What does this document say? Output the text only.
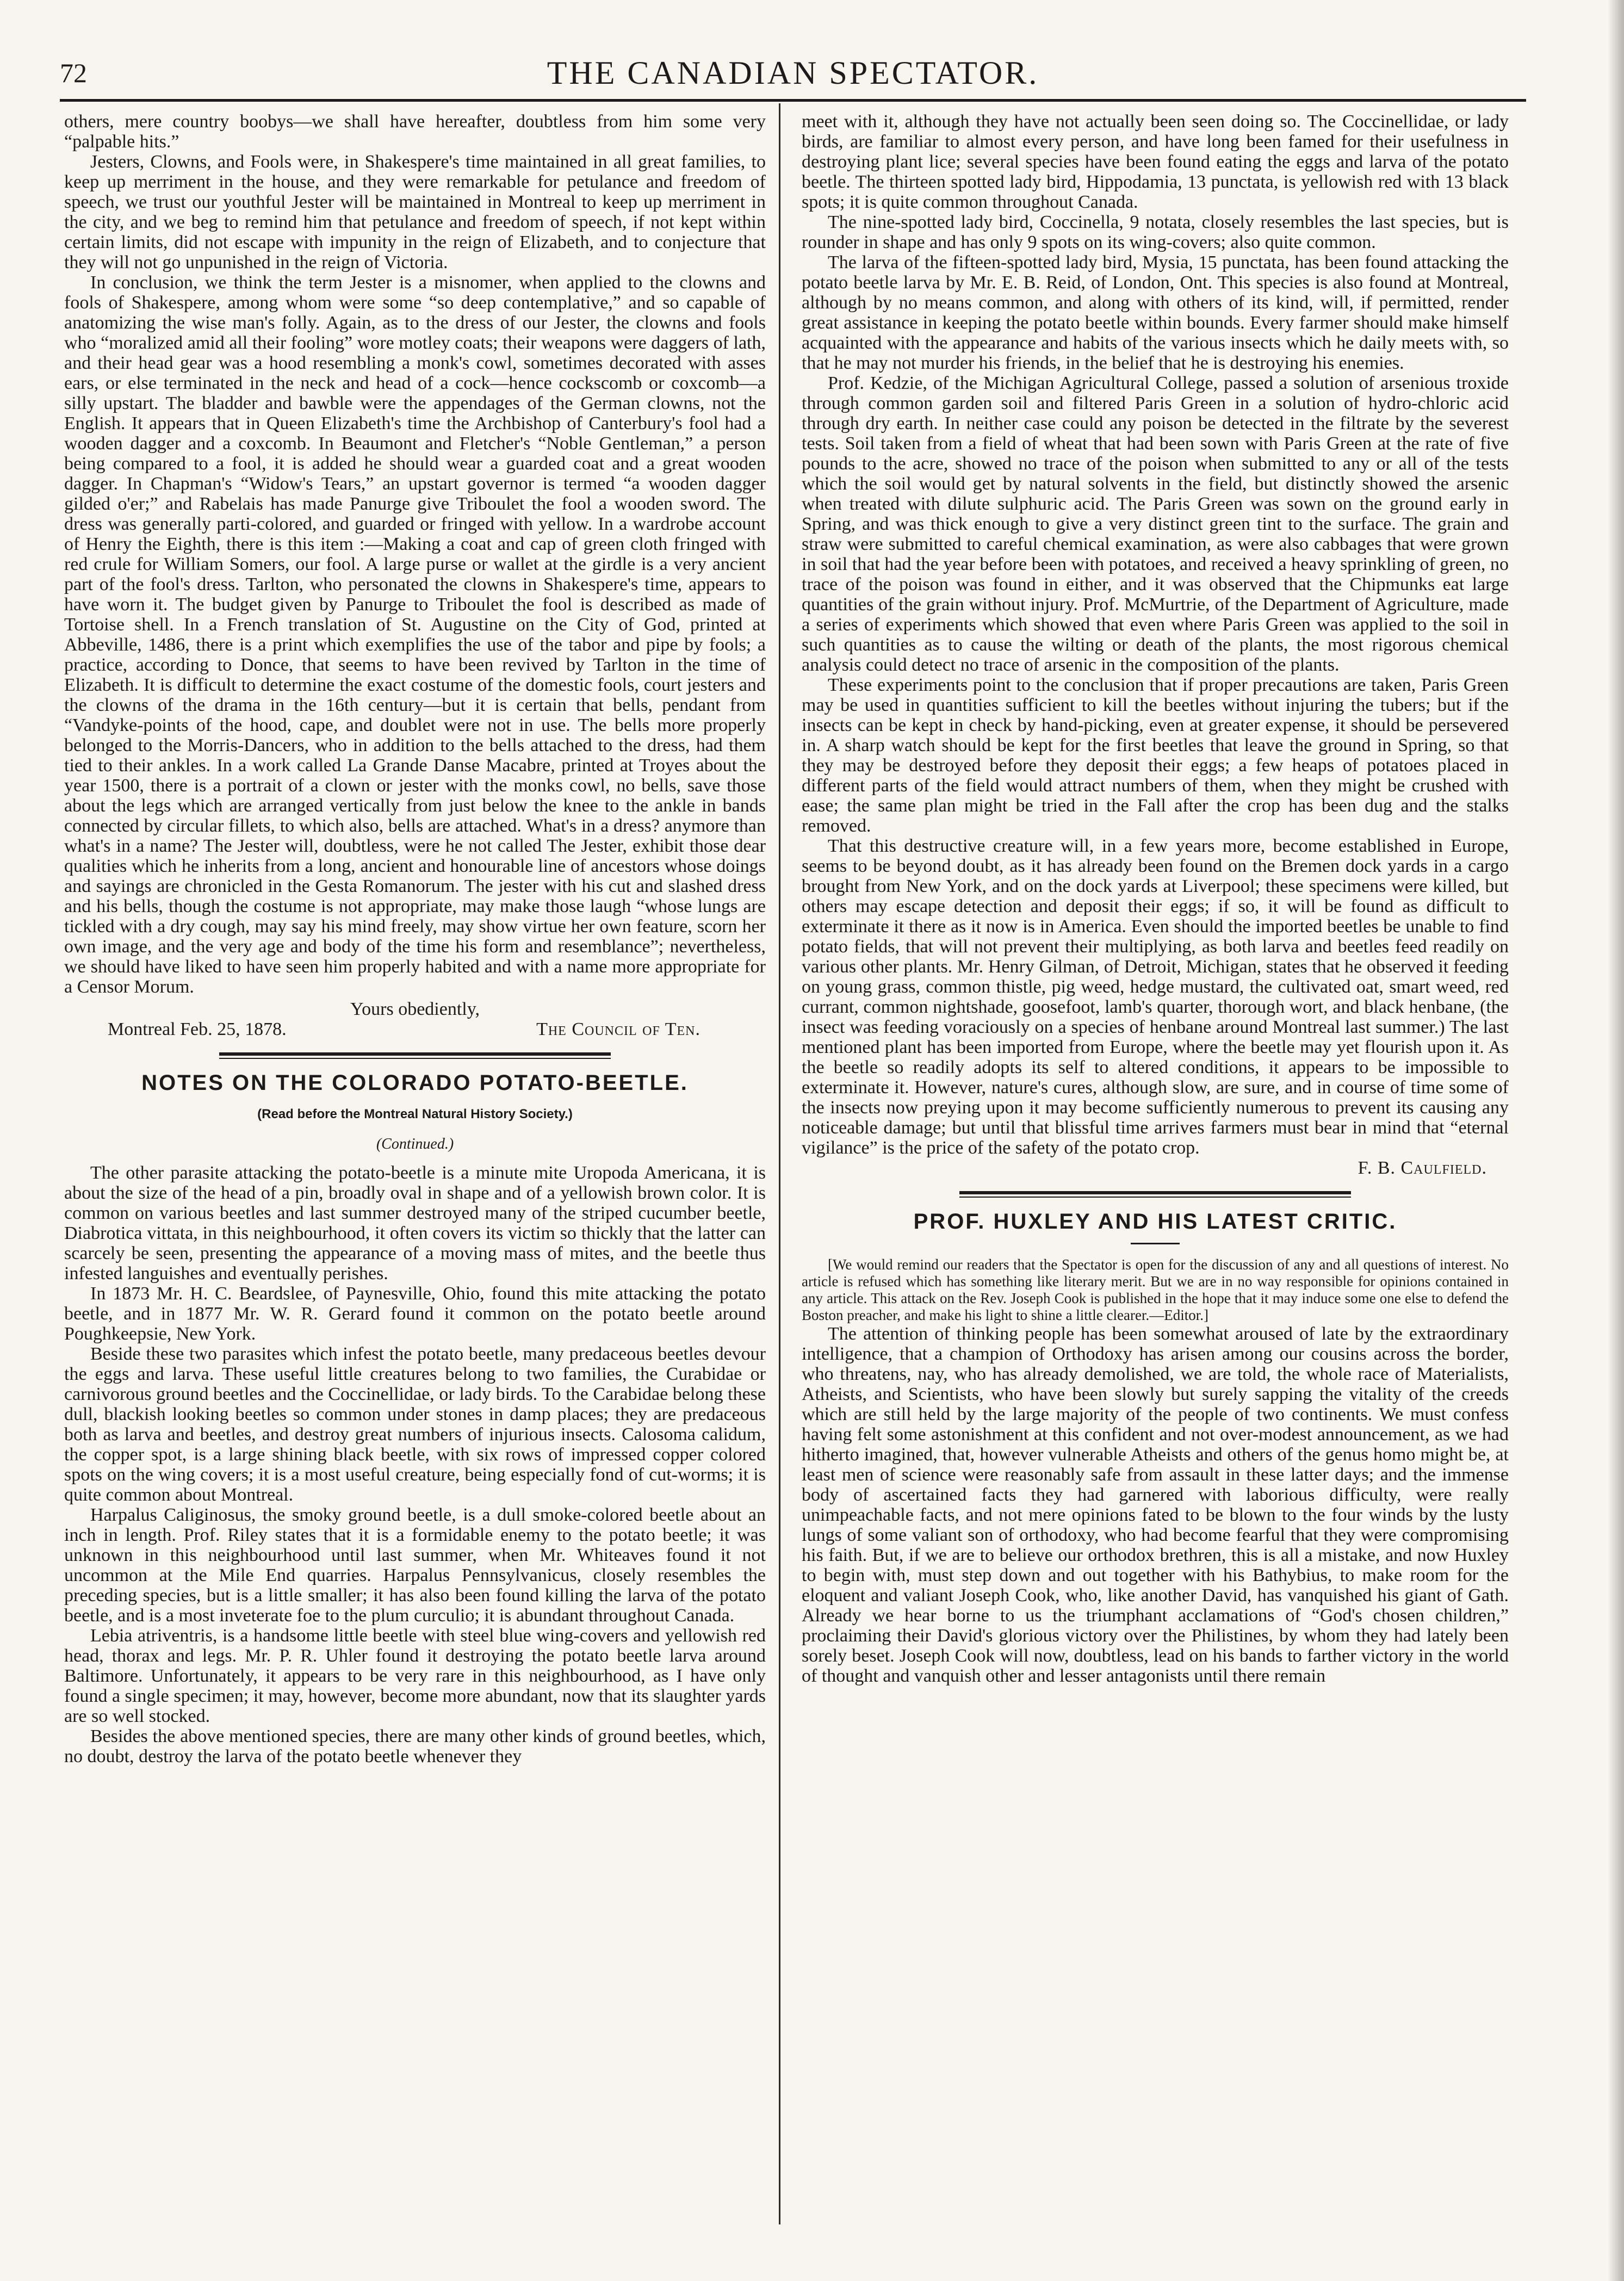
72	THE CANADIAN SPECTATOR.

others, mere country boobys—we shall have hereafter, doubtless from him some very “palpable hits.”

Jesters, Clowns, and Fools were, in Shakespere's time maintained in all great families, to keep up merriment in the house, and they were remarkable for petulance and freedom of speech, we trust our youthful Jester will be maintained in Montreal to keep up merriment in the city, and we beg to remind him that petulance and freedom of speech, if not kept within certain limits, did not escape with impunity in the reign of Elizabeth, and to conjecture that they will not go unpunished in the reign of Victoria.

In conclusion, we think the term Jester is a misnomer, when applied to the clowns and fools of Shakespere, among whom were some “so deep contemplative,” and so capable of anatomizing the wise man's folly. Again, as to the dress of our Jester, the clowns and fools who “moralized amid all their fooling” wore motley coats; their weapons were daggers of lath, and their head gear was a hood resembling a monk's cowl, sometimes decorated with asses ears, or else terminated in the neck and head of a cock—hence cockscomb or coxcomb—a silly upstart. The bladder and bawble were the appendages of the German clowns, not the English. It appears that in Queen Elizabeth's time the Archbishop of Canterbury's fool had a wooden dagger and a coxcomb. In Beaumont and Fletcher's “Noble Gentleman,” a person being compared to a fool, it is added he should wear a guarded coat and a great wooden dagger. In Chapman's “Widow's Tears,” an upstart governor is termed “a wooden dagger gilded o'er;” and Rabelais has made Panurge give Triboulet the fool a wooden sword. The dress was generally parti-colored, and guarded or fringed with yellow. In a wardrobe account of Henry the Eighth, there is this item :—Making a coat and cap of green cloth fringed with red crule for William Somers, our fool. A large purse or wallet at the girdle is a very ancient part of the fool's dress. Tarlton, who personated the clowns in Shakespere's time, appears to have worn it. The budget given by Panurge to Triboulet the fool is described as made of Tortoise shell. In a French translation of St. Augustine on the City of God, printed at Abbeville, 1486, there is a print which exemplifies the use of the tabor and pipe by fools; a practice, according to Donce, that seems to have been revived by Tarlton in the time of Elizabeth. It is difficult to determine the exact costume of the domestic fools, court jesters and the clowns of the drama in the 16th century—but it is certain that bells, pendant from “Vandyke-points of the hood, cape, and doublet were not in use. The bells more properly belonged to the Morris-Dancers, who in addition to the bells attached to the dress, had them tied to their ankles. In a work called La Grande Danse Macabre, printed at Troyes about the year 1500, there is a portrait of a clown or jester with the monks cowl, no bells, save those about the legs which are arranged vertically from just below the knee to the ankle in bands connected by circular fillets, to which also, bells are attached. What's in a dress? anymore than what's in a name? The Jester will, doubtless, were he not called The Jester, exhibit those dear qualities which he inherits from a long, ancient and honourable line of ancestors whose doings and sayings are chronicled in the Gesta Romanorum. The jester with his cut and slashed dress and his bells, though the costume is not appropriate, may make those laugh “whose lungs are tickled with a dry cough, may say his mind freely, may show virtue her own feature, scorn her own image, and the very age and body of the time his form and resemblance”; nevertheless, we should have liked to have seen him properly habited and with a name more appropriate for a Censor Morum.

Yours obediently,
Montreal Feb. 25, 1878.	The Council of Ten.
NOTES ON THE COLORADO POTATO-BEETLE.
(Read before the Montreal Natural History Society.)
(Continued.)

The other parasite attacking the potato-beetle is a minute mite Uropoda Americana, it is about the size of the head of a pin, broadly oval in shape and of a yellowish brown color. It is common on various beetles and last summer destroyed many of the striped cucumber beetle, Diabrotica vittata, in this neighbourhood, it often covers its victim so thickly that the latter can scarcely be seen, presenting the appearance of a moving mass of mites, and the beetle thus infested languishes and eventually perishes.

In 1873 Mr. H. C. Beardslee, of Paynesville, Ohio, found this mite attacking the potato beetle, and in 1877 Mr. W. R. Gerard found it common on the potato beetle around Poughkeepsie, New York.

Beside these two parasites which infest the potato beetle, many predaceous beetles devour the eggs and larva. These useful little creatures belong to two families, the Curabidae or carnivorous ground beetles and the Coccinellidae, or lady birds. To the Carabidae belong these dull, blackish looking beetles so common under stones in damp places; they are predaceous both as larva and beetles, and destroy great numbers of injurious insects. Calosoma calidum, the copper spot, is a large shining black beetle, with six rows of impressed copper colored spots on the wing covers; it is a most useful creature, being especially fond of cut-worms; it is quite common about Montreal.

Harpalus Caliginosus, the smoky ground beetle, is a dull smoke-colored beetle about an inch in length. Prof. Riley states that it is a formidable enemy to the potato beetle; it was unknown in this neighbourhood until last summer, when Mr. Whiteaves found it not uncommon at the Mile End quarries. Harpalus Pennsylvanicus, closely resembles the preceding species, but is a little smaller; it has also been found killing the larva of the potato beetle, and is a most inveterate foe to the plum curculio; it is abundant throughout Canada.

Lebia atriventris, is a handsome little beetle with steel blue wing-covers and yellowish red head, thorax and legs. Mr. P. R. Uhler found it destroying the potato beetle larva around Baltimore. Unfortunately, it appears to be very rare in this neighbourhood, as I have only found a single specimen; it may, however, become more abundant, now that its slaughter yards are so well stocked.

Besides the above mentioned species, there are many other kinds of ground beetles, which, no doubt, destroy the larva of the potato beetle whenever they

meet with it, although they have not actually been seen doing so. The Coccinellidae, or lady birds, are familiar to almost every person, and have long been famed for their usefulness in destroying plant lice; several species have been found eating the eggs and larva of the potato beetle. The thirteen spotted lady bird, Hippodamia, 13 punctata, is yellowish red with 13 black spots; it is quite common throughout Canada.

The nine-spotted lady bird, Coccinella, 9 notata, closely resembles the last species, but is rounder in shape and has only 9 spots on its wing-covers; also quite common.

The larva of the fifteen-spotted lady bird, Mysia, 15 punctata, has been found attacking the potato beetle larva by Mr. E. B. Reid, of London, Ont. This species is also found at Montreal, although by no means common, and along with others of its kind, will, if permitted, render great assistance in keeping the potato beetle within bounds. Every farmer should make himself acquainted with the appearance and habits of the various insects which he daily meets with, so that he may not murder his friends, in the belief that he is destroying his enemies.

Prof. Kedzie, of the Michigan Agricultural College, passed a solution of arsenious troxide through common garden soil and filtered Paris Green in a solution of hydro-chloric acid through dry earth. In neither case could any poison be detected in the filtrate by the severest tests. Soil taken from a field of wheat that had been sown with Paris Green at the rate of five pounds to the acre, showed no trace of the poison when submitted to any or all of the tests which the soil would get by natural solvents in the field, but distinctly showed the arsenic when treated with dilute sulphuric acid. The Paris Green was sown on the ground early in Spring, and was thick enough to give a very distinct green tint to the surface. The grain and straw were submitted to careful chemical examination, as were also cabbages that were grown in soil that had the year before been with potatoes, and received a heavy sprinkling of green, no trace of the poison was found in either, and it was observed that the Chipmunks eat large quantities of the grain without injury. Prof. McMurtrie, of the Department of Agriculture, made a series of experiments which showed that even where Paris Green was applied to the soil in such quantities as to cause the wilting or death of the plants, the most rigorous chemical analysis could detect no trace of arsenic in the composition of the plants.

These experiments point to the conclusion that if proper precautions are taken, Paris Green may be used in quantities sufficient to kill the beetles without injuring the tubers; but if the insects can be kept in check by hand-picking, even at greater expense, it should be persevered in. A sharp watch should be kept for the first beetles that leave the ground in Spring, so that they may be destroyed before they deposit their eggs; a few heaps of potatoes placed in different parts of the field would attract numbers of them, when they might be crushed with ease; the same plan might be tried in the Fall after the crop has been dug and the stalks removed.

That this destructive creature will, in a few years more, become established in Europe, seems to be beyond doubt, as it has already been found on the Bremen dock yards in a cargo brought from New York, and on the dock yards at Liverpool; these specimens were killed, but others may escape detection and deposit their eggs; if so, it will be found as difficult to exterminate it there as it now is in America. Even should the imported beetles be unable to find potato fields, that will not prevent their multiplying, as both larva and beetles feed readily on various other plants. Mr. Henry Gilman, of Detroit, Michigan, states that he observed it feeding on young grass, common thistle, pig weed, hedge mustard, the cultivated oat, smart weed, red currant, common nightshade, goosefoot, lamb's quarter, thorough wort, and black henbane, (the insect was feeding voraciously on a species of henbane around Montreal last summer.) The last mentioned plant has been imported from Europe, where the beetle may yet flourish upon it. As the beetle so readily adopts its self to altered conditions, it appears to be impossible to exterminate it. However, nature's cures, although slow, are sure, and in course of time some of the insects now preying upon it may become sufficiently numerous to prevent its causing any noticeable damage; but until that blissful time arrives farmers must bear in mind that “eternal vigilance” is the price of the safety of the potato crop.

F. B. Caulfield.
PROF. HUXLEY AND HIS LATEST CRITIC.

[We would remind our readers that the Spectator is open for the discussion of any and all questions of interest. No article is refused which has something like literary merit. But we are in no way responsible for opinions contained in any article. This attack on the Rev. Joseph Cook is published in the hope that it may induce some one else to defend the Boston preacher, and make his light to shine a little clearer.—Editor.]

The attention of thinking people has been somewhat aroused of late by the extraordinary intelligence, that a champion of Orthodoxy has arisen among our cousins across the border, who threatens, nay, who has already demolished, we are told, the whole race of Materialists, Atheists, and Scientists, who have been slowly but surely sapping the vitality of the creeds which are still held by the large majority of the people of two continents. We must confess having felt some astonishment at this confident and not over-modest announcement, as we had hitherto imagined, that, however vulnerable Atheists and others of the genus homo might be, at least men of science were reasonably safe from assault in these latter days; and the immense body of ascertained facts they had garnered with laborious difficulty, were really unimpeachable facts, and not mere opinions fated to be blown to the four winds by the lusty lungs of some valiant son of orthodoxy, who had become fearful that they were compromising his faith. But, if we are to believe our orthodox brethren, this is all a mistake, and now Huxley to begin with, must step down and out together with his Bathybius, to make room for the eloquent and valiant Joseph Cook, who, like another David, has vanquished his giant of Gath. Already we hear borne to us the triumphant acclamations of “God's chosen children,” proclaiming their David's glorious victory over the Philistines, by whom they had lately been sorely beset. Joseph Cook will now, doubtless, lead on his bands to farther victory in the world of thought and vanquish other and lesser antagonists until there remain
